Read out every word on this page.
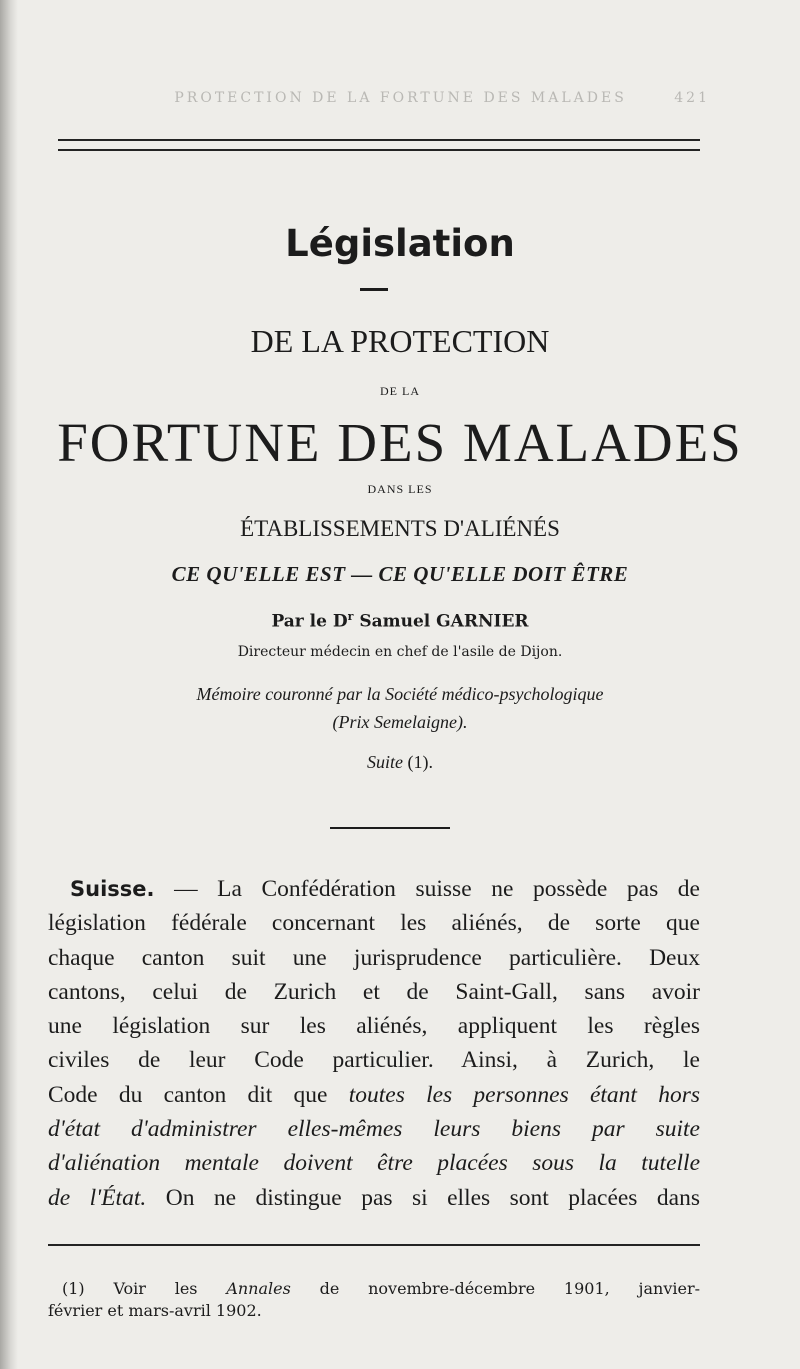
PROTECTION DE LA FORTUNE DES MALADES	421
Législation
DE LA PROTECTION
DE LA
FORTUNE DES MALADES
DANS LES
ÉTABLISSEMENTS D'ALIÉNÉS
CE QU'ELLE EST — CE QU'ELLE DOIT ÊTRE
Par le $D^r$ Samuel GARNIER
Directeur médecin en chef de l'asile de Dijon.
Mémoire couronné par la Société médico-psychologique
(Prix Semelaigne).
Suite (1).
Suisse. — La Confédération suisse ne possède pas de
législation fédérale concernant les aliénés, de sorte que
chaque canton suit une jurisprudence particulière. Deux
cantons, celui de Zurich et de Saint-Gall, sans avoir
une législation sur les aliénés, appliquent les règles
civiles de leur Code particulier. Ainsi, à Zurich, le
Code du canton dit que toutes les personnes étant hors
d'état d'administrer elles-mêmes leurs biens par suite
d'aliénation mentale doivent être placées sous la tutelle
de l'État. On ne distingue pas si elles sont placées dans
(1) Voir les Annales de novembre-décembre 1901, janvier-
février et mars-avril 1902.
